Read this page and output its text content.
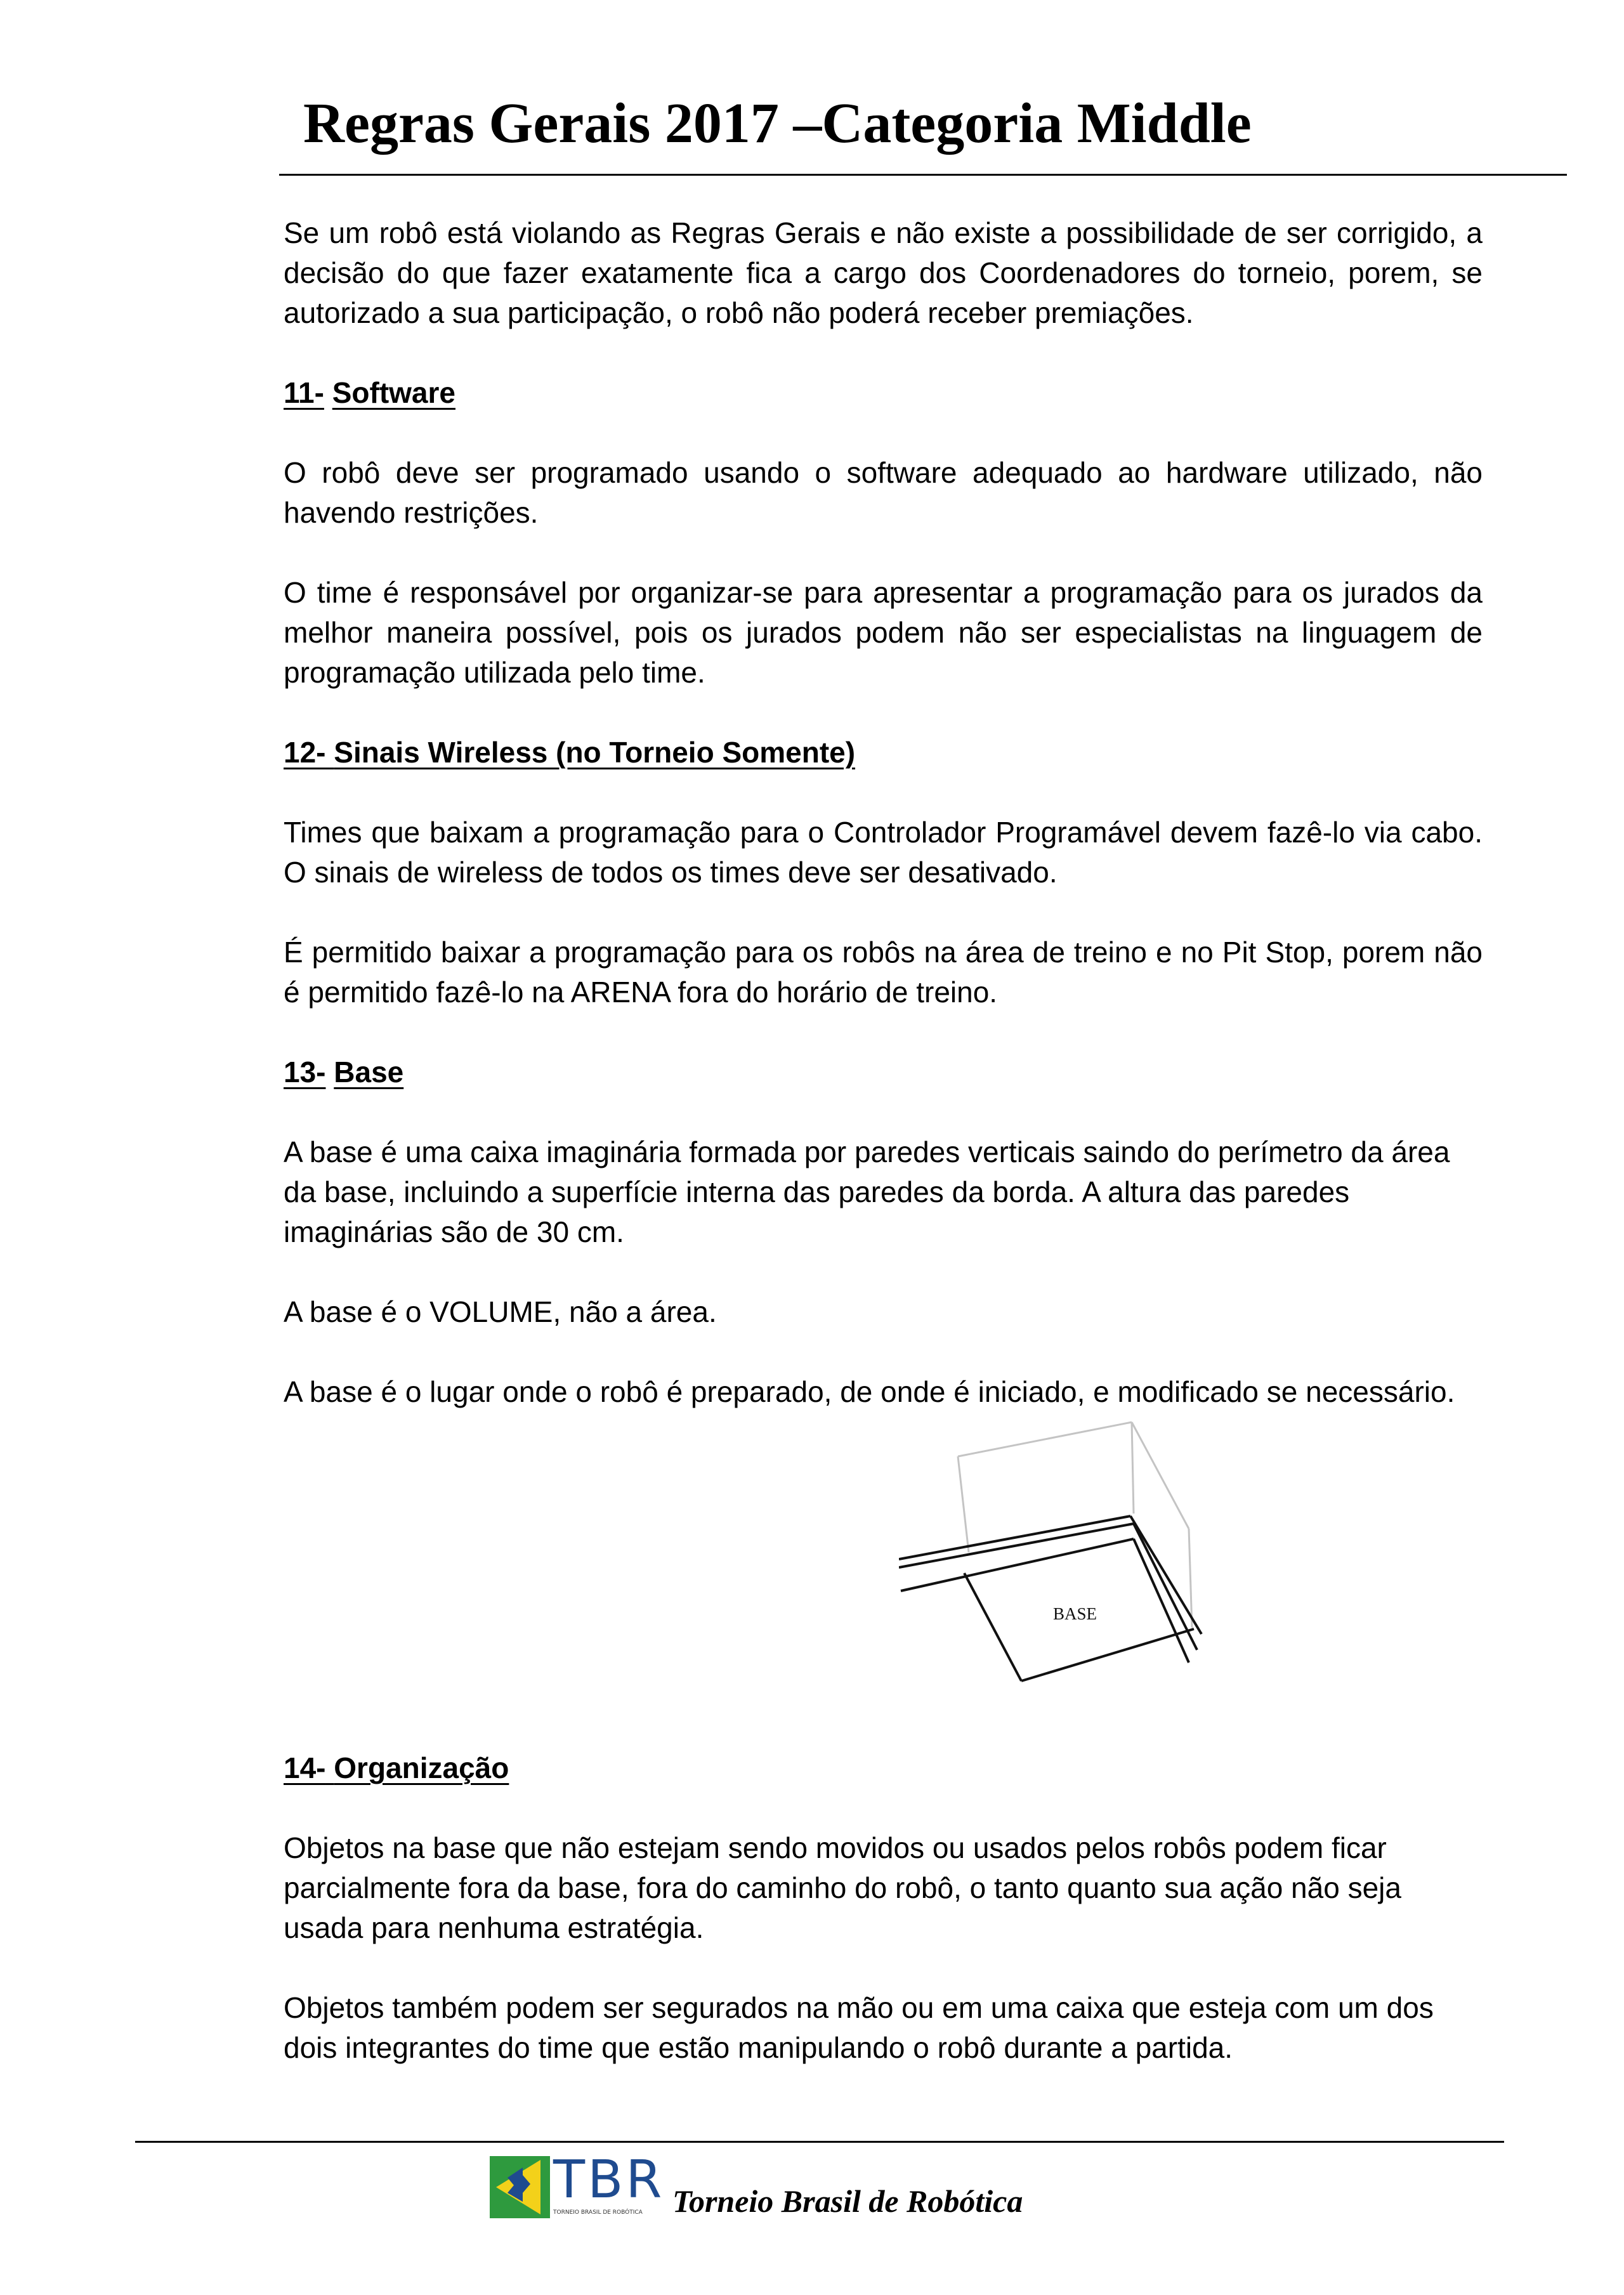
Regras Gerais 2017 –Categoria Middle

Se um robô está violando as Regras Gerais e não existe a possibilidade de ser corrigido, a decisão do que fazer exatamente fica a cargo dos Coordenadores do torneio, porem, se autorizado a sua participação, o robô não poderá receber premiações.

11- Software

O robô deve ser programado usando o software adequado ao hardware utilizado, não havendo restrições.

O time é responsável por organizar-se para apresentar a programação para os jurados da melhor maneira possível, pois os jurados podem não ser especialistas na linguagem de programação utilizada pelo time.

12- Sinais Wireless (no Torneio Somente)

Times que baixam a programação para o Controlador Programável devem fazê-lo via cabo. O sinais de wireless de todos os times deve ser desativado.

É permitido baixar a programação para os robôs na área de treino e no Pit Stop, porem não é permitido fazê-lo na ARENA fora do horário de treino.

13- Base

A base é uma caixa imaginária formada por paredes verticais saindo do perímetro da área da base, incluindo a superfície interna das paredes da borda. A altura das paredes imaginárias são de 30 cm.

A base é o VOLUME, não a área.

A base é o lugar onde o robô é preparado, de onde é iniciado, e modificado se necessário.

BASE
14- Organização

Objetos na base que não estejam sendo movidos ou usados pelos robôs podem ficar parcialmente fora da base, fora do caminho do robô, o tanto quanto sua ação não seja usada para nenhuma estratégia.

Objetos também podem ser segurados na mão ou em uma caixa que esteja com um dos dois integrantes do time que estão manipulando o robô durante a partida.

TBR
TORNEIO BRASIL DE ROBÓTICA Torneio Brasil de Robótica
